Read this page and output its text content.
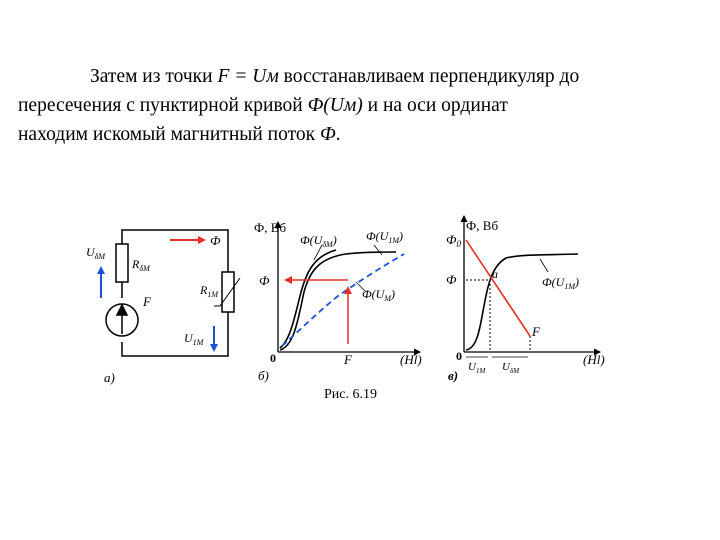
Затем из точки F = Uм восстанавливаем перпендикуляр до
пересечения с пунктирной кривой Ф(Uм) и на оси ординат
находим искомый магнитный поток Ф.

$U_{\delta M}$
$R_{\delta M}$
F
$R_{1M}$
$U_{1M}$
Ф
а)
Ф, Вб
Ф
0	F	(Hl)
$Ф(U_{\delta M})$ $Ф(U_{1M})$
$Ф(U_M)$
б)
Ф, Вб
$Ф_0$
Ф	a
F
0	(Hl)
$Ф(U_{1M})$
$U_{1M}$ $U_{\delta M}$
в)
Рис. 6.19
